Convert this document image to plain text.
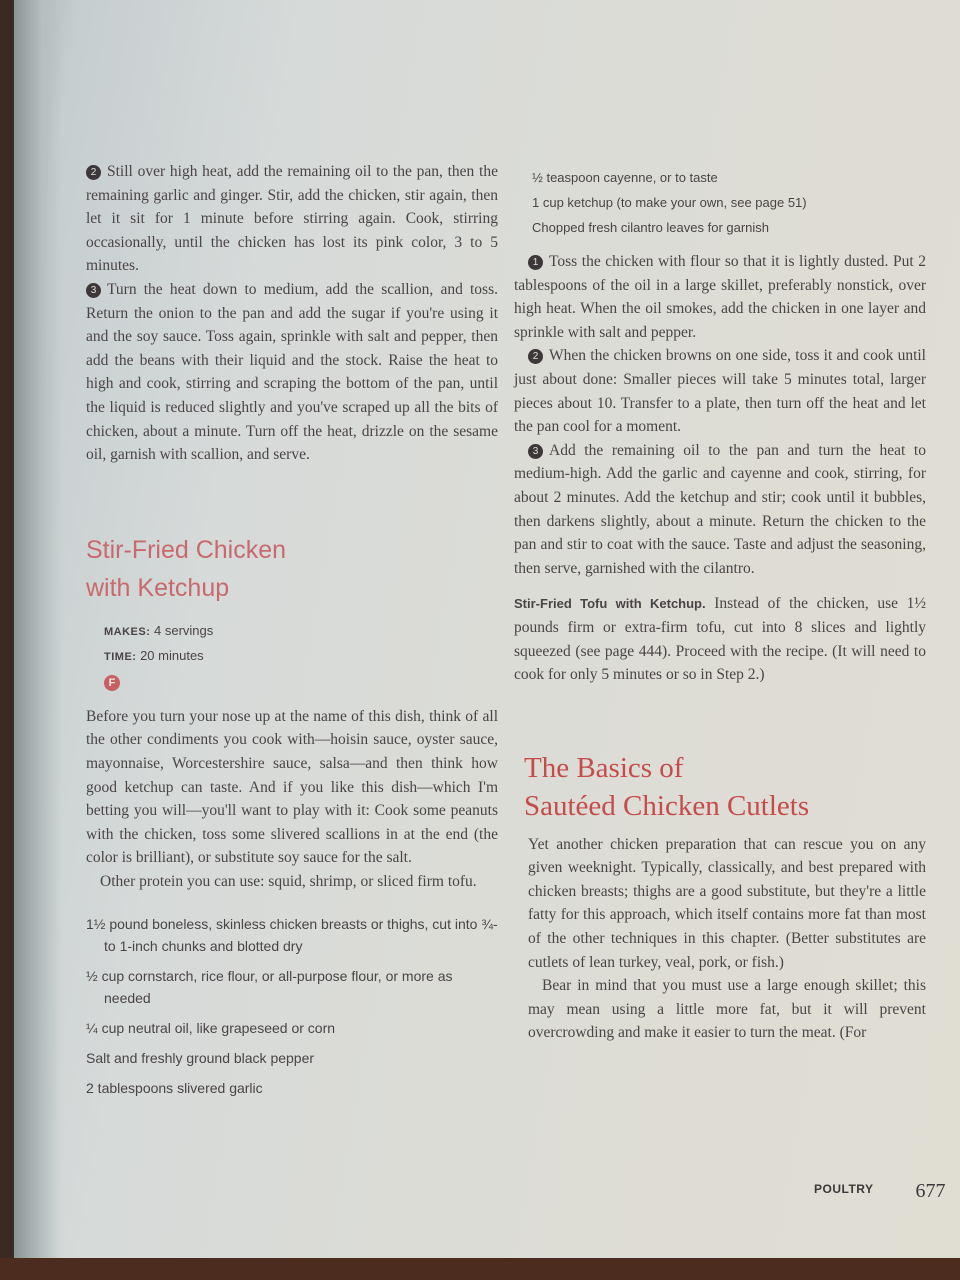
2 Still over high heat, add the remaining oil to the pan, then the remaining garlic and ginger. Stir, add the chicken, stir again, then let it sit for 1 minute before stirring again. Cook, stirring occasionally, until the chicken has lost its pink color, 3 to 5 minutes.

3 Turn the heat down to medium, add the scallion, and toss. Return the onion to the pan and add the sugar if you're using it and the soy sauce. Toss again, sprinkle with salt and pepper, then add the beans with their liquid and the stock. Raise the heat to high and cook, stirring and scraping the bottom of the pan, until the liquid is reduced slightly and you've scraped up all the bits of chicken, about a minute. Turn off the heat, drizzle on the sesame oil, garnish with scallion, and serve.

Stir-Fried Chicken
with Ketchup
MAKES: 4 servings
TIME: 20 minutes
F

Before you turn your nose up at the name of this dish, think of all the other condiments you cook with—hoisin sauce, oyster sauce, mayonnaise, Worcestershire sauce, salsa—and then think how good ketchup can taste. And if you like this dish—which I'm betting you will—you'll want to play with it: Cook some peanuts with the chicken, toss some slivered scallions in at the end (the color is brilliant), or substitute soy sauce for the salt.

Other protein you can use: squid, shrimp, or sliced firm tofu.

1½ pound boneless, skinless chicken breasts or thighs, cut into ¾- to 1-inch chunks and blotted dry
½ cup cornstarch, rice flour, or all-purpose flour, or more as needed
¼ cup neutral oil, like grapeseed or corn
Salt and freshly ground black pepper
2 tablespoons slivered garlic
½ teaspoon cayenne, or to taste
1 cup ketchup (to make your own, see page 51)
Chopped fresh cilantro leaves for garnish

1 Toss the chicken with flour so that it is lightly dusted. Put 2 tablespoons of the oil in a large skillet, preferably nonstick, over high heat. When the oil smokes, add the chicken in one layer and sprinkle with salt and pepper.

2 When the chicken browns on one side, toss it and cook until just about done: Smaller pieces will take 5 minutes total, larger pieces about 10. Transfer to a plate, then turn off the heat and let the pan cool for a moment.

3 Add the remaining oil to the pan and turn the heat to medium-high. Add the garlic and cayenne and cook, stirring, for about 2 minutes. Add the ketchup and stir; cook until it bubbles, then darkens slightly, about a minute. Return the chicken to the pan and stir to coat with the sauce. Taste and adjust the seasoning, then serve, garnished with the cilantro.

Stir-Fried Tofu with Ketchup. Instead of the chicken, use 1½ pounds firm or extra-firm tofu, cut into 8 slices and lightly squeezed (see page 444). Proceed with the recipe. (It will need to cook for only 5 minutes or so in Step 2.)
The Basics of
Sautéed Chicken Cutlets

Yet another chicken preparation that can rescue you on any given weeknight. Typically, classically, and best prepared with chicken breasts; thighs are a good substitute, but they're a little fatty for this approach, which itself contains more fat than most of the other techniques in this chapter. (Better substitutes are cutlets of lean turkey, veal, pork, or fish.)

Bear in mind that you must use a large enough skillet; this may mean using a little more fat, but it will prevent overcrowding and make it easier to turn the meat. (For

$^{POULTRY}$ 677
